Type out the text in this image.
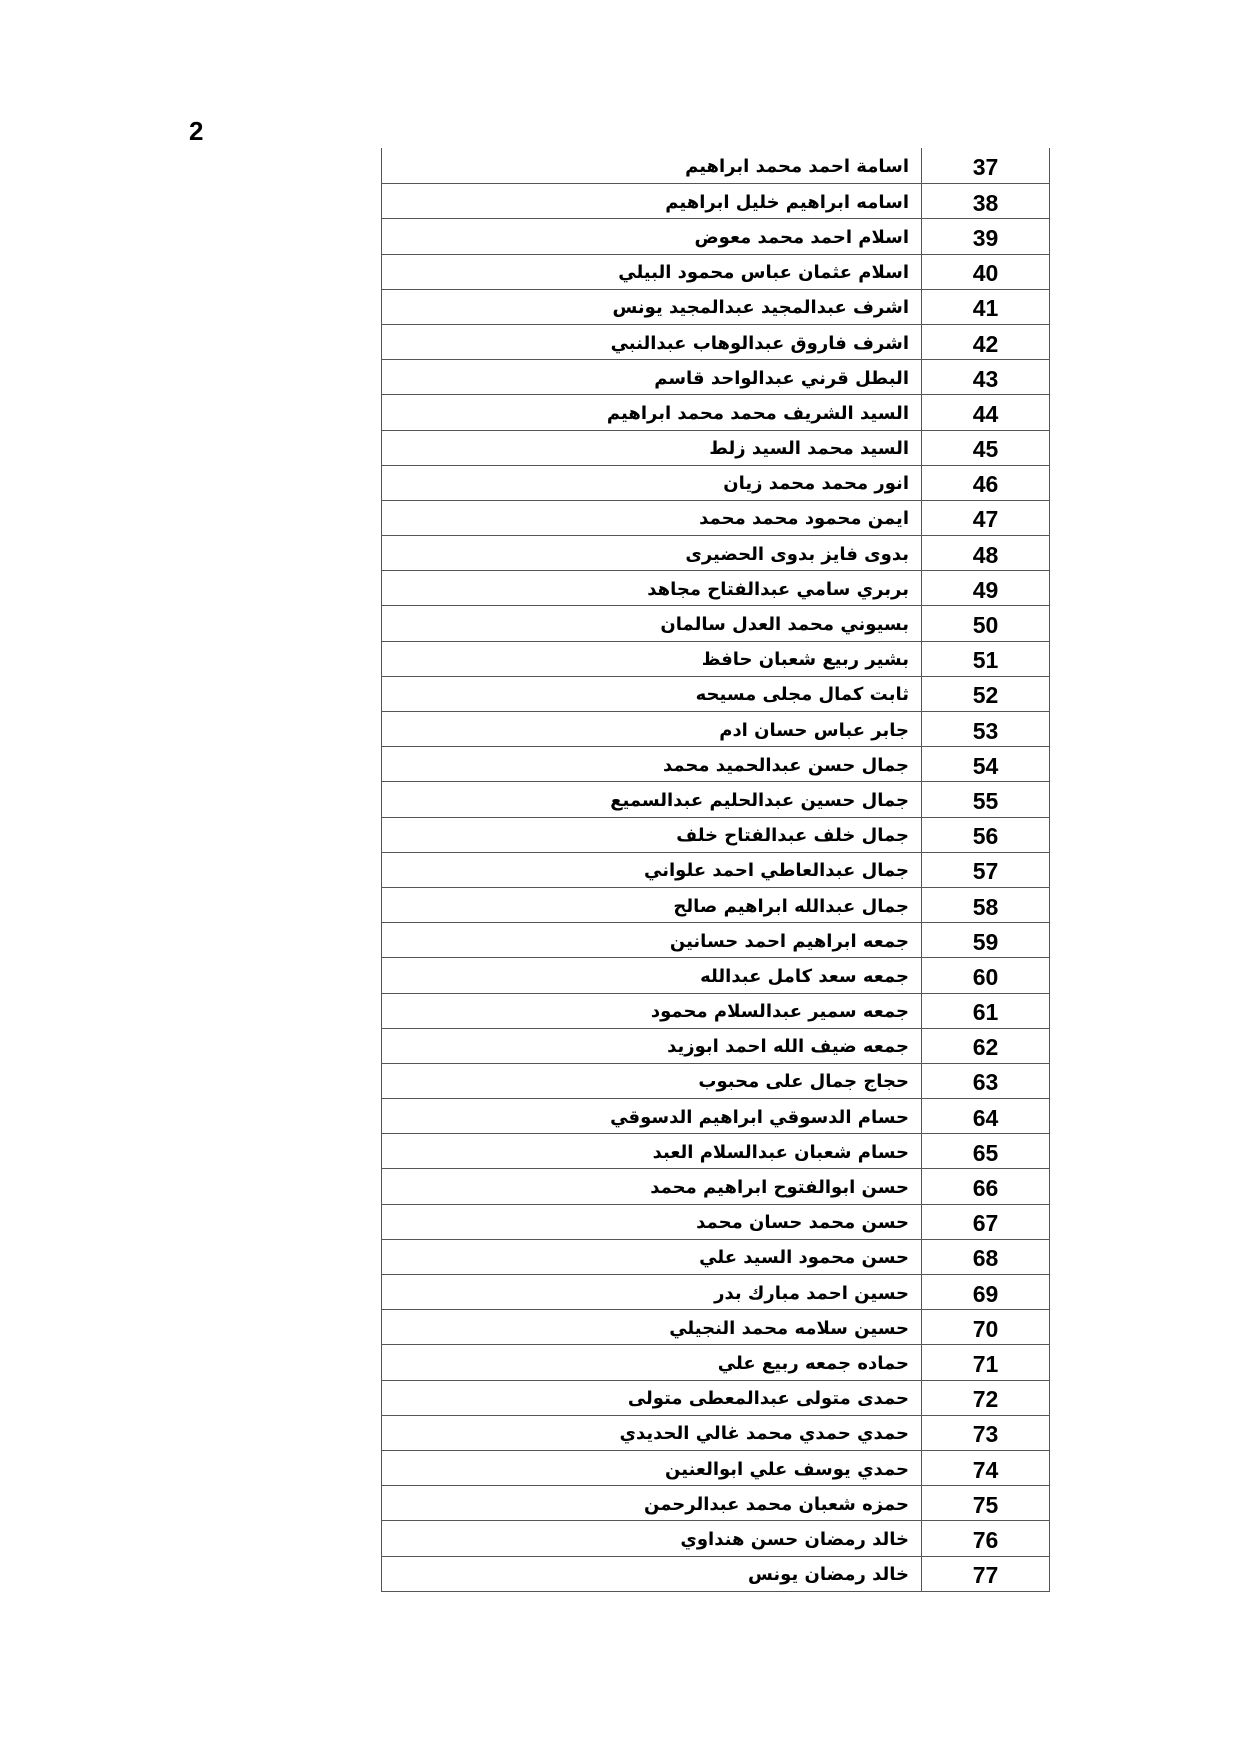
2
37
اسامة احمد محمد ابراهيم
38
اسامه ابراهيم خليل ابراهيم
39
اسلام احمد محمد معوض
40
اسلام عثمان عباس محمود البيلي
41
اشرف عبدالمجيد عبدالمجيد يونس
42
اشرف فاروق عبدالوهاب عبدالنبي
43
البطل قرني عبدالواحد قاسم
44
السيد الشريف محمد محمد ابراهيم
45
السيد محمد السيد زلط
46
انور محمد محمد زيان
47
ايمن محمود محمد محمد
48
بدوى فايز بدوى الحضيرى
49
بربري سامي عبدالفتاح مجاهد
50
بسيوني محمد العدل سالمان
51
بشير ربيع شعبان حافظ
52
ثابت كمال مجلى مسيحه
53
جابر عباس حسان ادم
54
جمال حسن عبدالحميد محمد
55
جمال حسين عبدالحليم عبدالسميع
56
جمال خلف عبدالفتاح خلف
57
جمال عبدالعاطي احمد علواني
58
جمال عبدالله ابراهيم صالح
59
جمعه ابراهيم احمد حسانين
60
جمعه سعد كامل عبدالله
61
جمعه سمير عبدالسلام محمود
62
جمعه ضيف الله احمد ابوزيد
63
حجاج جمال على محبوب
64
حسام الدسوقي ابراهيم الدسوقي
65
حسام شعبان عبدالسلام العبد
66
حسن ابوالفتوح ابراهيم محمد
67
حسن محمد حسان محمد
68
حسن محمود السيد علي
69
حسين احمد مبارك بدر
70
حسين سلامه محمد النجيلي
71
حماده جمعه ربيع علي
72
حمدى متولى عبدالمعطى متولى
73
حمدي حمدي محمد غالي الحديدي
74
حمدي يوسف علي ابوالعنين
75
حمزه شعبان محمد عبدالرحمن
76
خالد رمضان حسن هنداوي
77
خالد رمضان يونس
